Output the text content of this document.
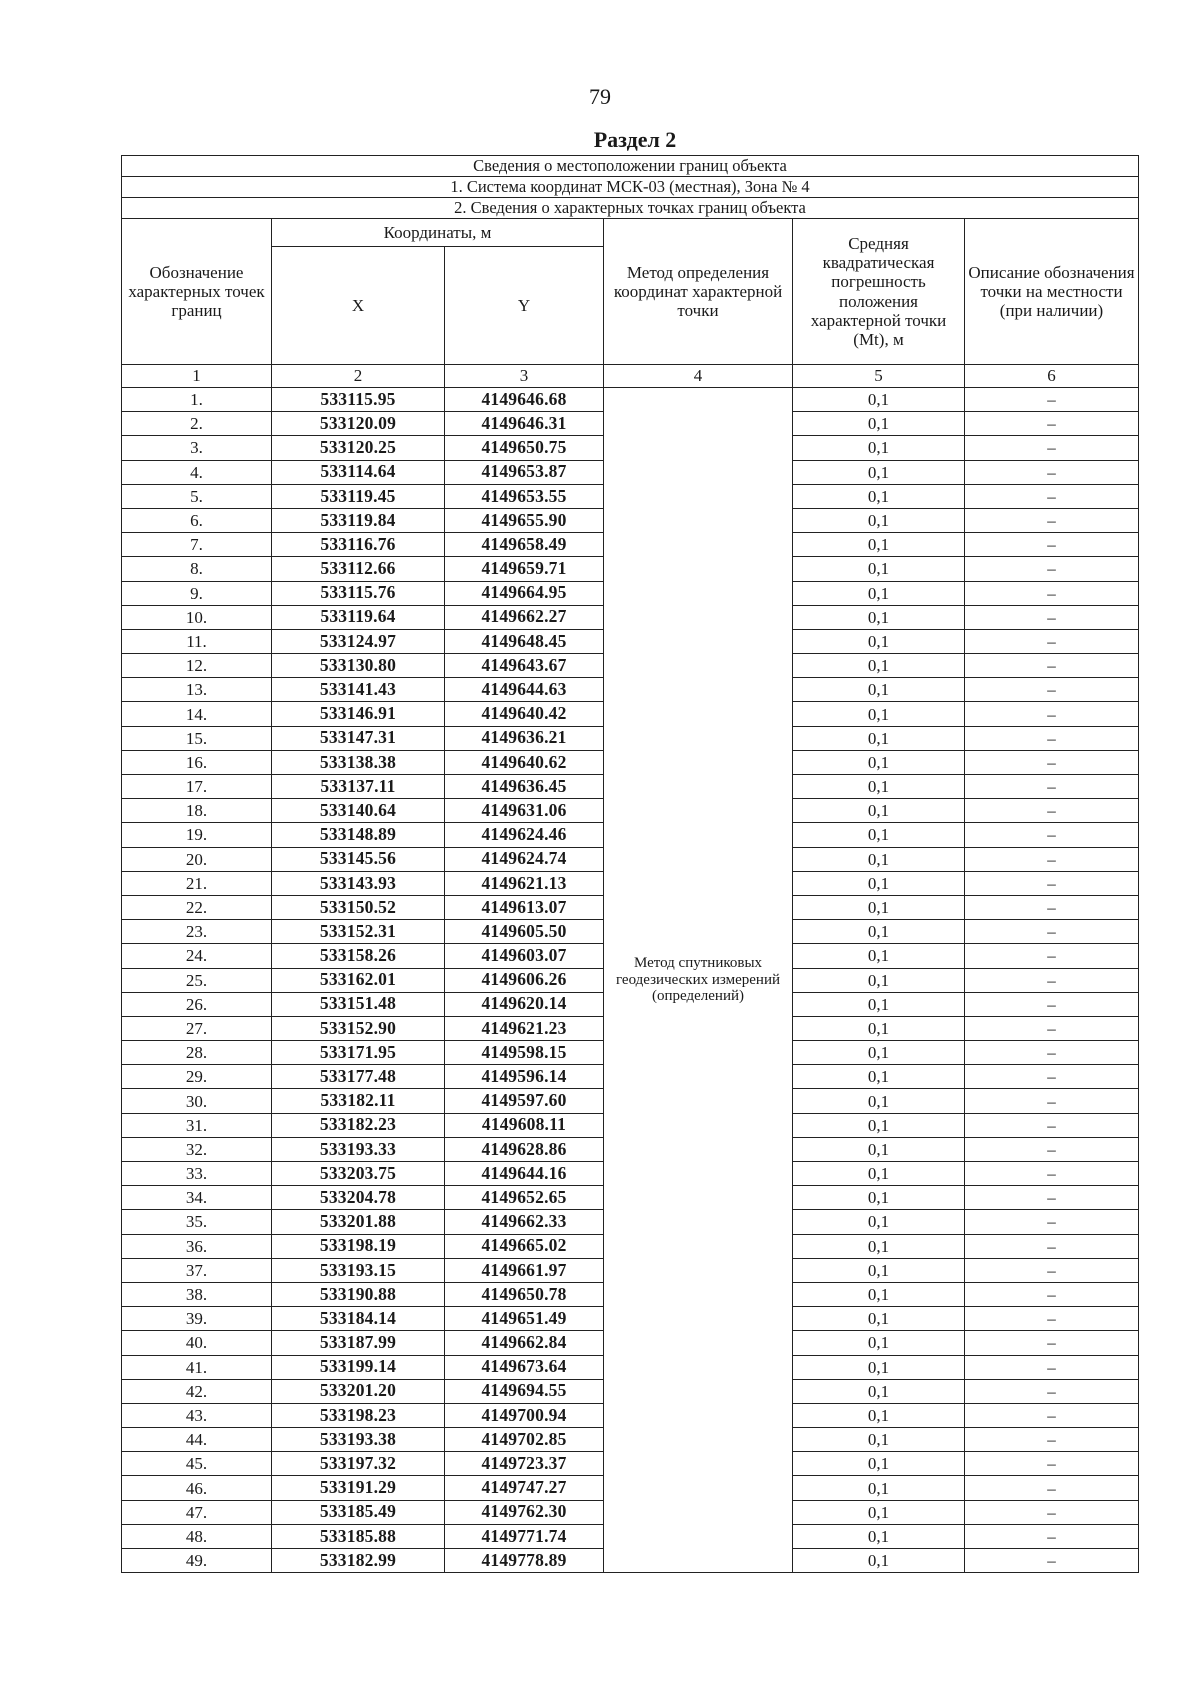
79
Раздел 2
Сведения о местоположении границ объекта					
1. Система координат МСК-03 (местная), Зона № 4					
2. Сведения о характерных точках границ объекта					
Обозначение характерных точек границ	Координаты, м		Метод определения координат характерной точки	Средняя квадратическая погрешность положения характерной точки (Mt), м	Описание обозначения точки на местности (при наличии)
	X	Y			
1	2	3	4	5	6
1.	533115.95	4149646.68	Метод спутниковых геодезических измерений (определений)	0,1	–
2.	533120.09	4149646.31		0,1	–
3.	533120.25	4149650.75		0,1	–
4.	533114.64	4149653.87		0,1	–
5.	533119.45	4149653.55		0,1	–
6.	533119.84	4149655.90		0,1	–
7.	533116.76	4149658.49		0,1	–
8.	533112.66	4149659.71		0,1	–
9.	533115.76	4149664.95		0,1	–
10.	533119.64	4149662.27		0,1	–
11.	533124.97	4149648.45		0,1	–
12.	533130.80	4149643.67		0,1	–
13.	533141.43	4149644.63		0,1	–
14.	533146.91	4149640.42		0,1	–
15.	533147.31	4149636.21		0,1	–
16.	533138.38	4149640.62		0,1	–
17.	533137.11	4149636.45		0,1	–
18.	533140.64	4149631.06		0,1	–
19.	533148.89	4149624.46		0,1	–
20.	533145.56	4149624.74		0,1	–
21.	533143.93	4149621.13		0,1	–
22.	533150.52	4149613.07		0,1	–
23.	533152.31	4149605.50		0,1	–
24.	533158.26	4149603.07		0,1	–
25.	533162.01	4149606.26		0,1	–
26.	533151.48	4149620.14		0,1	–
27.	533152.90	4149621.23		0,1	–
28.	533171.95	4149598.15		0,1	–
29.	533177.48	4149596.14		0,1	–
30.	533182.11	4149597.60		0,1	–
31.	533182.23	4149608.11		0,1	–
32.	533193.33	4149628.86		0,1	–
33.	533203.75	4149644.16		0,1	–
34.	533204.78	4149652.65		0,1	–
35.	533201.88	4149662.33		0,1	–
36.	533198.19	4149665.02		0,1	–
37.	533193.15	4149661.97		0,1	–
38.	533190.88	4149650.78		0,1	–
39.	533184.14	4149651.49		0,1	–
40.	533187.99	4149662.84		0,1	–
41.	533199.14	4149673.64		0,1	–
42.	533201.20	4149694.55		0,1	–
43.	533198.23	4149700.94		0,1	–
44.	533193.38	4149702.85		0,1	–
45.	533197.32	4149723.37		0,1	–
46.	533191.29	4149747.27		0,1	–
47.	533185.49	4149762.30		0,1	–
48.	533185.88	4149771.74		0,1	–
49.	533182.99	4149778.89		0,1	–
